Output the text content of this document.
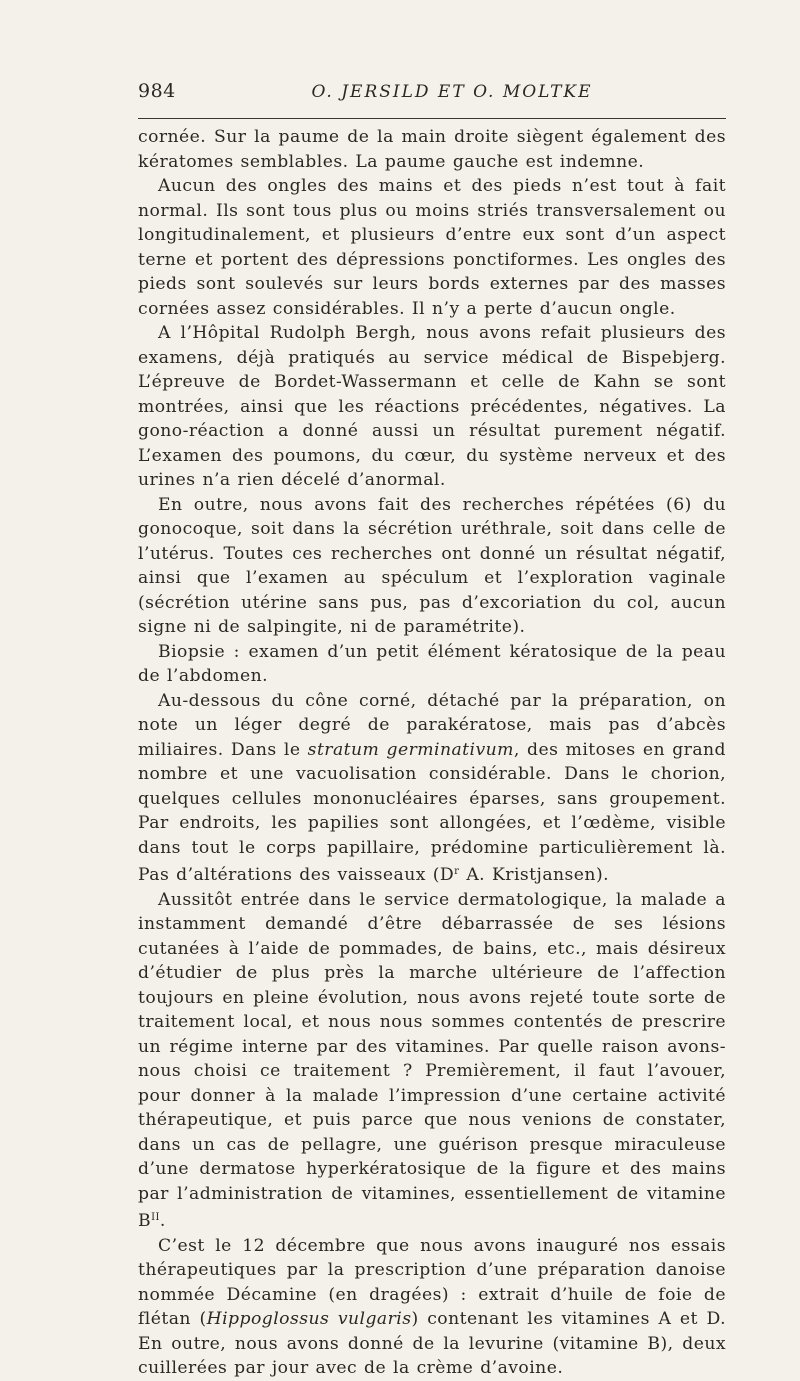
984	O. JERSILD ET O. MOLTKE

cornée. Sur la paume de la main droite siègent également des kératomes semblables. La paume gauche est indemne.

Aucun des ongles des mains et des pieds n’est tout à fait normal. Ils sont tous plus ou moins striés transversalement ou longitudinalement, et plusieurs d’entre eux sont d’un aspect terne et portent des dépressions ponctiformes. Les ongles des pieds sont soulevés sur leurs bords externes par des masses cornées assez considérables. Il n’y a perte d’aucun ongle.

A l’Hôpital Rudolph Bergh, nous avons refait plusieurs des examens, déjà pratiqués au service médical de Bispebjerg. L’épreuve de Bordet-Wassermann et celle de Kahn se sont montrées, ainsi que les réactions précédentes, négatives. La gono-réaction a donné aussi un résultat purement négatif. L’examen des poumons, du cœur, du système nerveux et des urines n’a rien décelé d’anormal.

En outre, nous avons fait des recherches répétées (6) du gonocoque, soit dans la sécrétion uréthrale, soit dans celle de l’utérus. Toutes ces recherches ont donné un résultat négatif, ainsi que l’examen au spéculum et l’exploration vaginale (sécrétion utérine sans pus, pas d’excoriation du col, aucun signe ni de salpingite, ni de paramétrite).

Biopsie : examen d’un petit élément kératosique de la peau de l’abdomen.

Au-dessous du cône corné, détaché par la préparation, on note un léger degré de parakératose, mais pas d’abcès miliaires. Dans le stratum germinativum, des mitoses en grand nombre et une vacuolisation considérable. Dans le chorion, quelques cellules mononucléaires éparses, sans groupement. Par endroits, les papilies sont allongées, et l’œdème, visible dans tout le corps papillaire, prédomine particulièrement là. Pas d’altérations des vaisseaux ($D^r$ A. Kristjansen).

Aussitôt entrée dans le service dermatologique, la malade a instamment demandé d’être débarrassée de ses lésions cutanées à l’aide de pommades, de bains, etc., mais désireux d’étudier de plus près la marche ultérieure de l’affection toujours en pleine évolution, nous avons rejeté toute sorte de traitement local, et nous nous sommes contentés de prescrire un régime interne par des vitamines. Par quelle raison avons-nous choisi ce traitement ? Premièrement, il faut l’avouer, pour donner à la malade l’impression d’une certaine activité thérapeutique, et puis parce que nous venions de constater, dans un cas de pellagre, une guérison presque miraculeuse d’une dermatose hyperkératosique de la figure et des mains par l’administration de vitamines, essentiellement de vitamine $B^{II}$.

C’est le 12 décembre que nous avons inauguré nos essais thérapeutiques par la prescription d’une préparation danoise nommée Décamine (en dragées) : extrait d’huile de foie de flétan (Hippoglossus vulgaris) contenant les vitamines A et D. En outre, nous avons donné de la levurine (vitamine B), deux cuillerées par jour avec de la crème d’avoine.
